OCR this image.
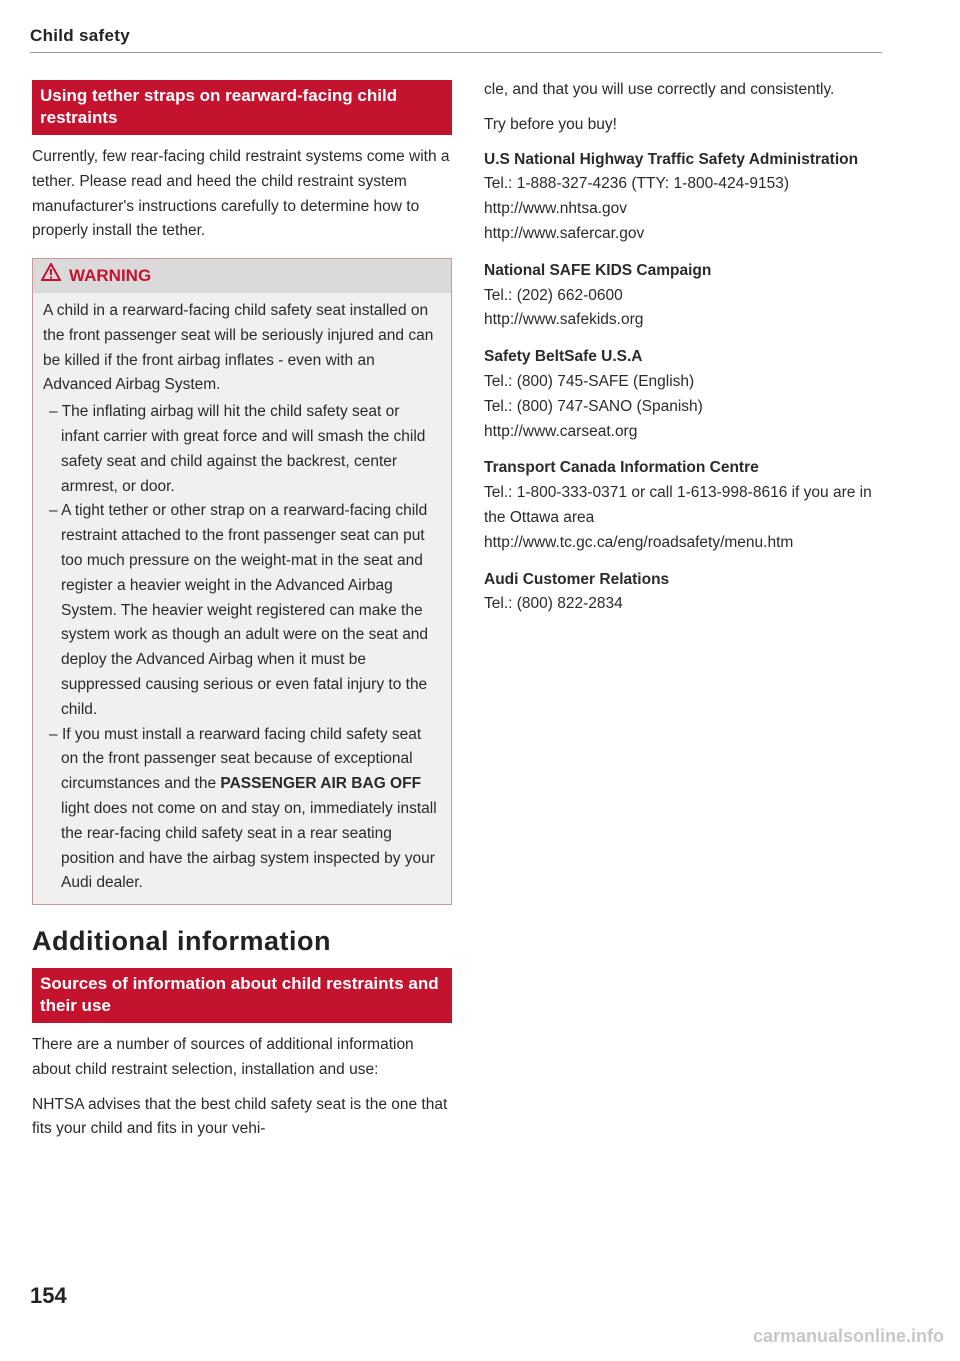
Child safety
Using tether straps on rearward-facing child restraints

Currently, few rear-facing child restraint systems come with a tether. Please read and heed the child restraint system manufacturer's instructions carefully to determine how to properly install the tether.

WARNING

A child in a rearward-facing child safety seat installed on the front passenger seat will be seriously injured and can be killed if the front airbag inflates - even with an Advanced Airbag System.

– The inflating airbag will hit the child safety seat or infant carrier with great force and will smash the child safety seat and child against the backrest, center armrest, or door.
– A tight tether or other strap on a rearward-facing child restraint attached to the front passenger seat can put too much pressure on the weight-mat in the seat and register a heavier weight in the Advanced Airbag System. The heavier weight registered can make the system work as though an adult were on the seat and deploy the Advanced Airbag when it must be suppressed causing serious or even fatal injury to the child.
– If you must install a rearward facing child safety seat on the front passenger seat because of exceptional circumstances and the PASSENGER AIR BAG OFF light does not come on and stay on, immediately install the rear-facing child safety seat in a rear seating position and have the airbag system inspected by your Audi dealer.
Additional information
Sources of information about child restraints and their use

There are a number of sources of additional information about child restraint selection, installation and use:

NHTSA advises that the best child safety seat is the one that fits your child and fits in your vehi-

cle, and that you will use correctly and consistently.

Try before you buy!

U.S National Highway Traffic Safety Administration
Tel.: 1-888-327-4236 (TTY: 1-800-424-9153)
http://www.nhtsa.gov
http://www.safercar.gov
National SAFE KIDS Campaign
Tel.: (202) 662-0600
http://www.safekids.org
Safety BeltSafe U.S.A
Tel.: (800) 745-SAFE (English)
Tel.: (800) 747-SANO (Spanish)
http://www.carseat.org
Transport Canada Information Centre
Tel.: 1-800-333-0371 or call 1-613-998-8616 if you are in the Ottawa area
http://www.tc.gc.ca/eng/roadsafety/menu.htm
Audi Customer Relations
Tel.: (800) 822-2834
154
carmanualsonline.info
